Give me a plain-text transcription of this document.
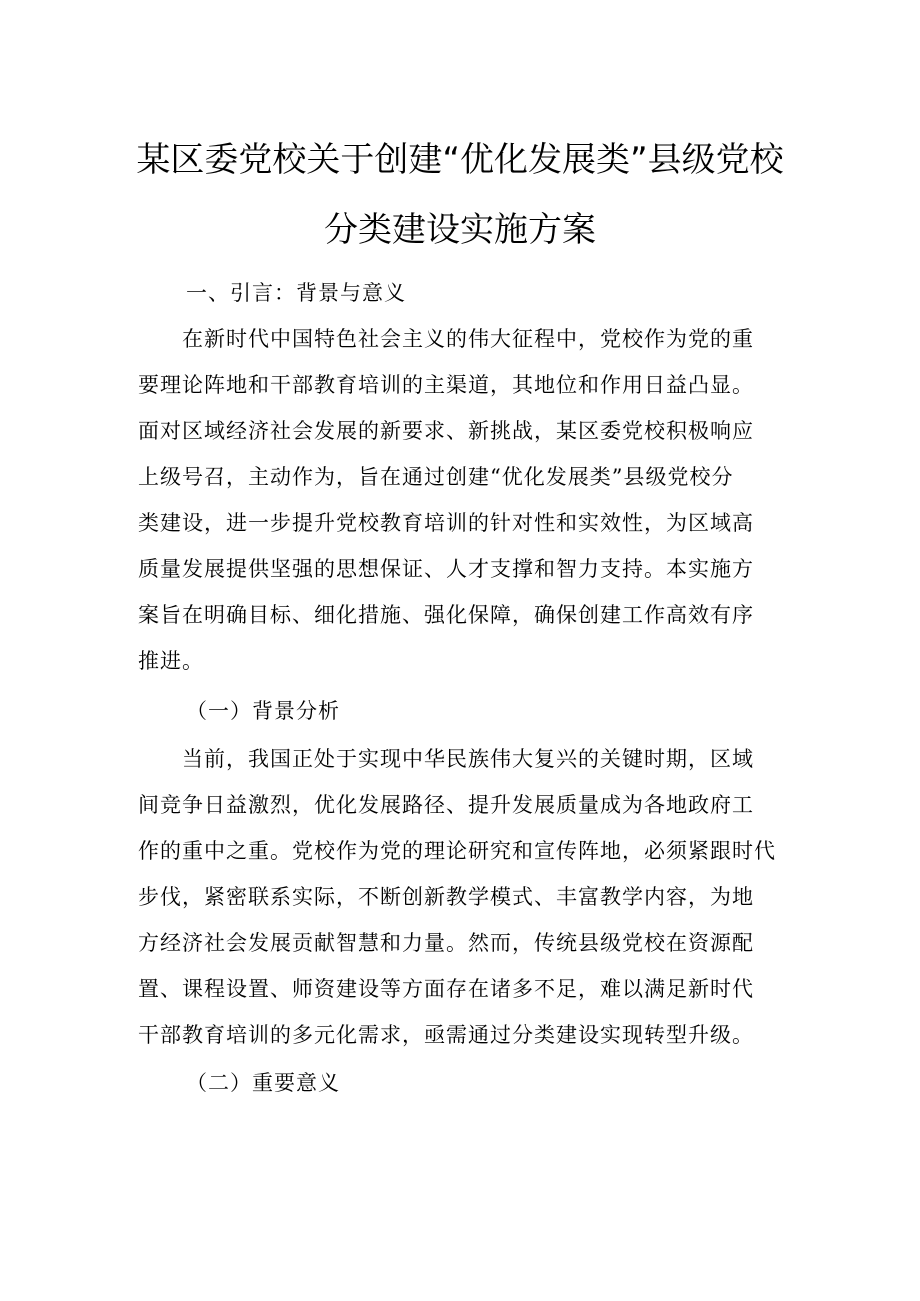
某区委党校关于创建“优化发展类”县级党校
分类建设实施方案
一、引言：背景与意义
在新时代中国特色社会主义的伟大征程中，党校作为党的重
要理论阵地和干部教育培训的主渠道，其地位和作用日益凸显。
面对区域经济社会发展的新要求、新挑战，某区委党校积极响应
上级号召，主动作为，旨在通过创建“优化发展类”县级党校分
类建设，进一步提升党校教育培训的针对性和实效性，为区域高
质量发展提供坚强的思想保证、人才支撑和智力支持。本实施方
案旨在明确目标、细化措施、强化保障，确保创建工作高效有序
推进。
（一）背景分析
当前，我国正处于实现中华民族伟大复兴的关键时期，区域
间竞争日益激烈，优化发展路径、提升发展质量成为各地政府工
作的重中之重。党校作为党的理论研究和宣传阵地，必须紧跟时代
步伐，紧密联系实际，不断创新教学模式、丰富教学内容，为地
方经济社会发展贡献智慧和力量。然而，传统县级党校在资源配
置、课程设置、师资建设等方面存在诸多不足，难以满足新时代
干部教育培训的多元化需求，亟需通过分类建设实现转型升级。
（二）重要意义
